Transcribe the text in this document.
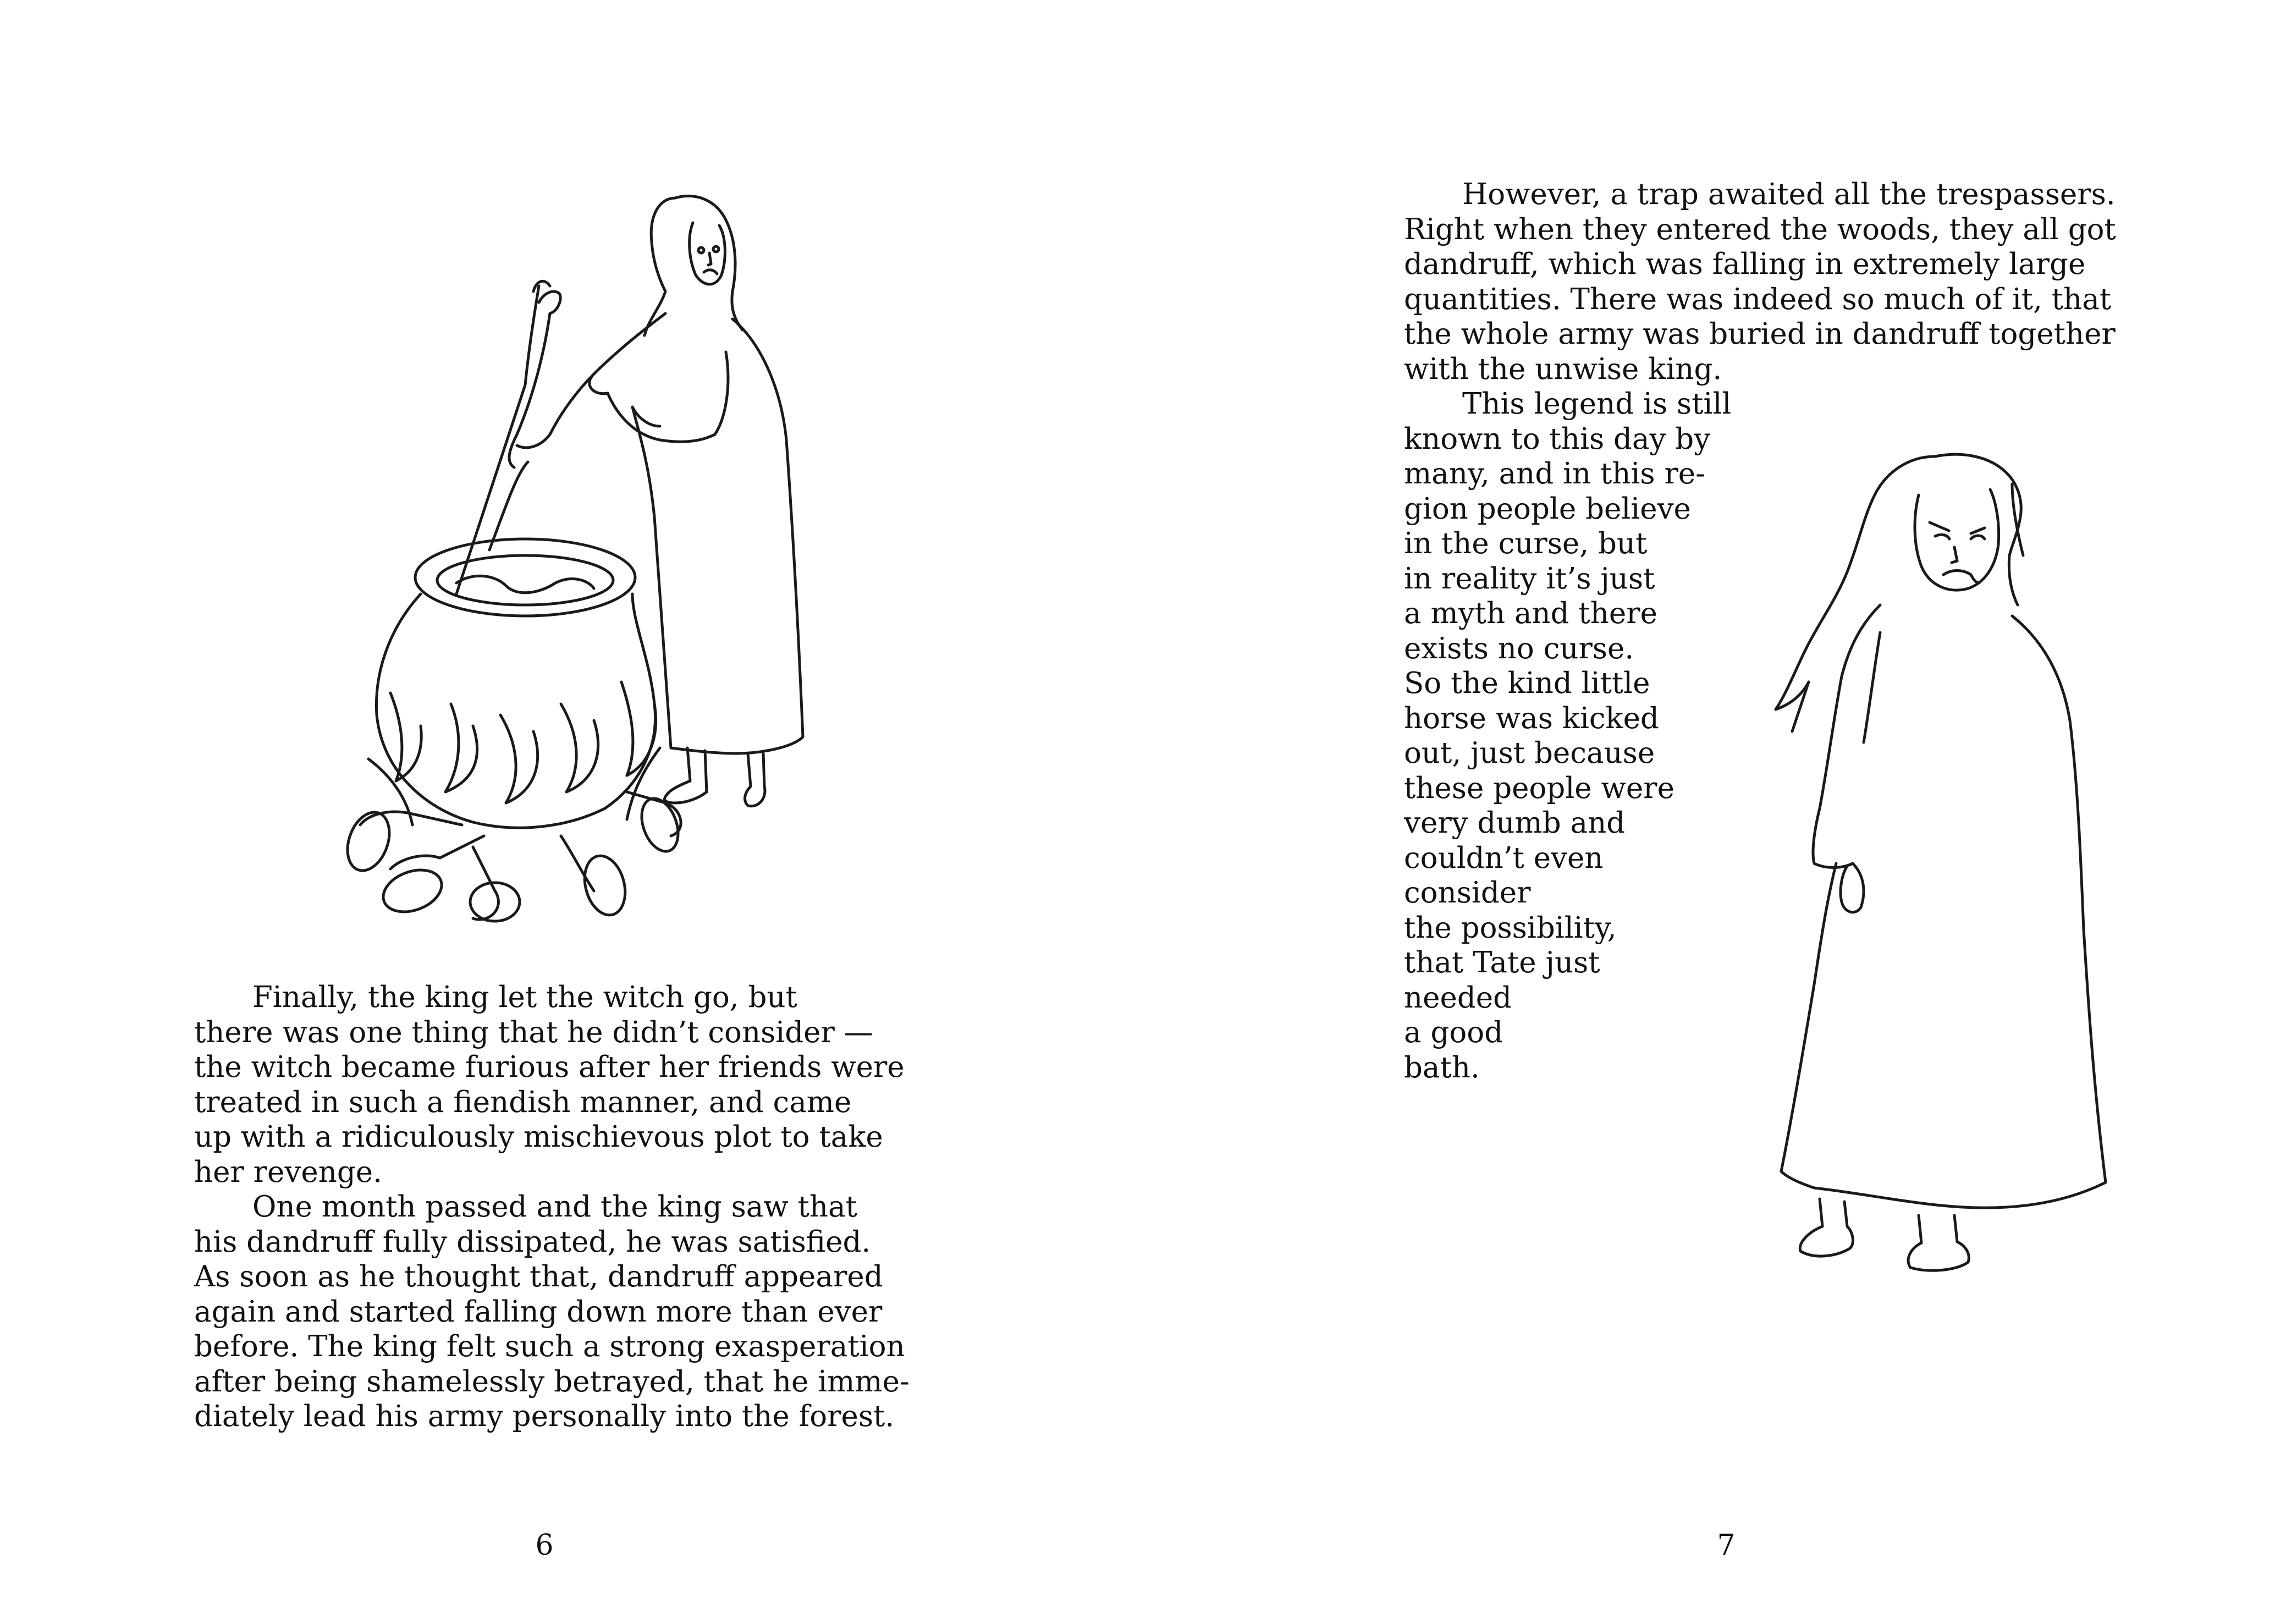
Finally, the king let the witch go, but
there was one thing that he didn’t consider —
the witch became furious after her friends were
treated in such a fiendish manner, and came
up with a ridiculously mischievous plot to take
her revenge.
One month passed and the king saw that
his dandruff fully dissipated, he was satisfied.
As soon as he thought that, dandruff appeared
again and started falling down more than ever
before. The king felt such a strong exasperation
after being shamelessly betrayed, that he imme-
diately lead his army personally into the forest.
6
However, a trap awaited all the trespassers.
Right when they entered the woods, they all got
dandruff, which was falling in extremely large
quantities. There was indeed so much of it, that
the whole army was buried in dandruff together
with the unwise king.
This legend is still
known to this day by
many, and in this re-
gion people believe
in the curse, but
in reality it’s just
a myth and there
exists no curse.
So the kind little
horse was kicked
out, just because
these people were
very dumb and
couldn’t even
consider
the possibility,
that Tate just
needed
a good
bath.
7
